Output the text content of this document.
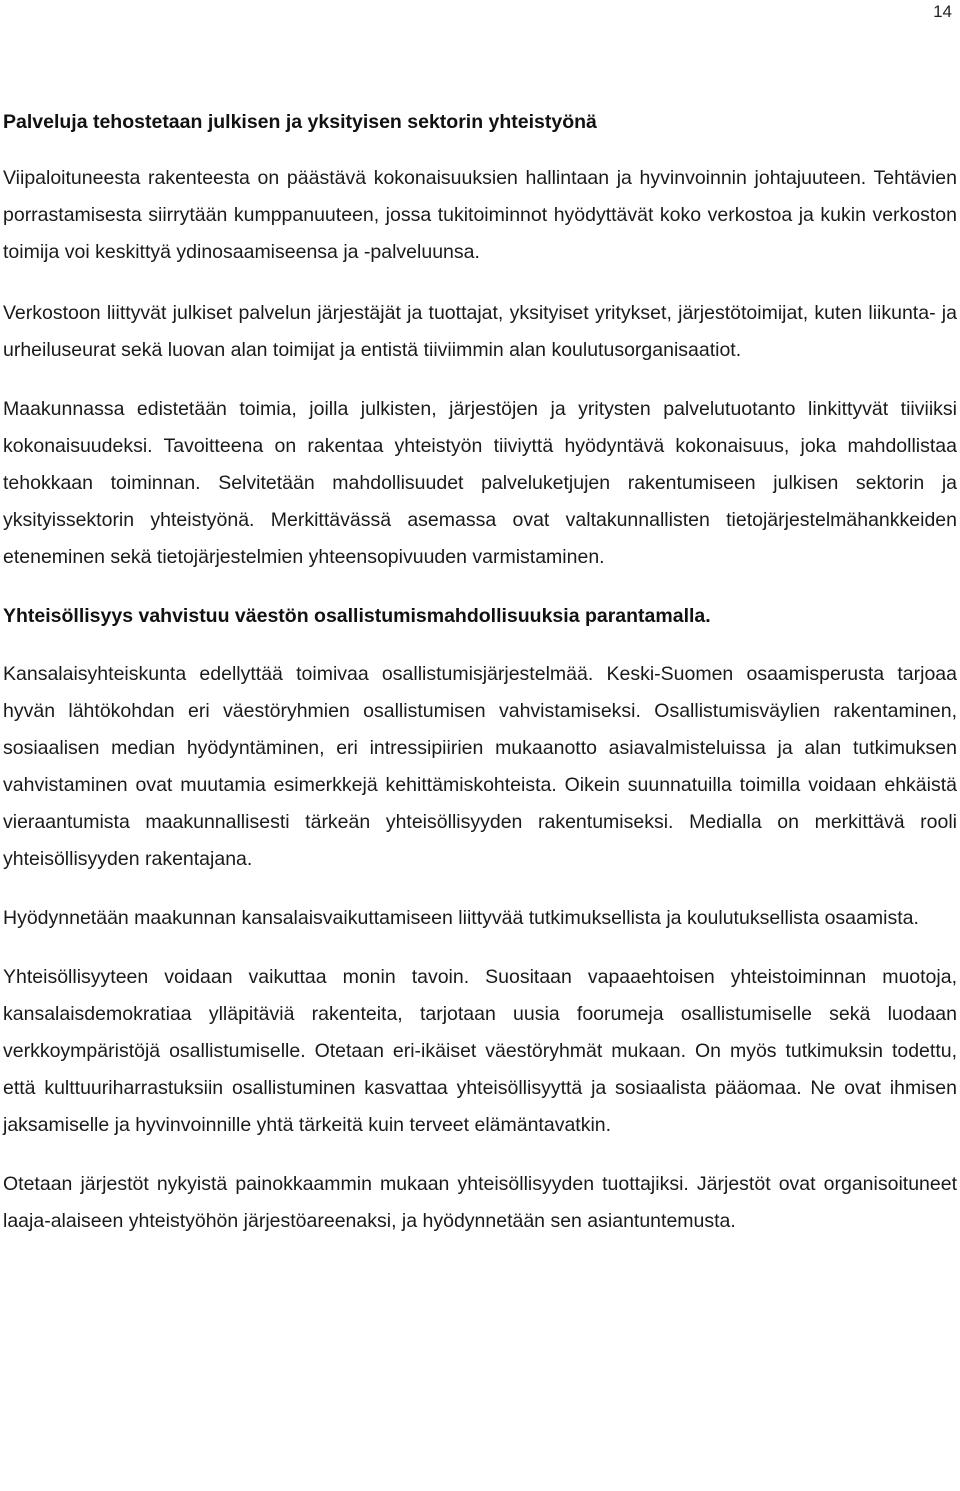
14
Palveluja tehostetaan julkisen ja yksityisen sektorin yhteistyönä

Viipaloituneesta rakenteesta on päästävä kokonaisuuksien hallintaan ja hyvinvoinnin johtajuuteen. Tehtävien porrastamisesta siirrytään kumppanuuteen, jossa tukitoiminnot hyödyttävät koko verkostoa ja kukin verkoston toimija voi keskittyä ydinosaamiseensa ja -palveluunsa.

Verkostoon liittyvät julkiset palvelun järjestäjät ja tuottajat, yksityiset yritykset, järjestötoimijat, kuten liikunta- ja urheiluseurat sekä luovan alan toimijat ja entistä tiiviimmin alan koulutusorganisaatiot.

Maakunnassa edistetään toimia, joilla julkisten, järjestöjen ja yritysten palvelutuotanto linkittyvät tiiviiksi kokonaisuudeksi. Tavoitteena on rakentaa yhteistyön tiiviyttä hyödyntävä kokonaisuus, joka mahdollistaa tehokkaan toiminnan. Selvitetään mahdollisuudet palveluketjujen rakentumiseen julkisen sektorin ja yksityissektorin yhteistyönä. Merkittävässä asemassa ovat valtakunnallisten tietojärjestelmähankkeiden eteneminen sekä tietojärjestelmien yhteensopivuuden varmistaminen.

Yhteisöllisyys vahvistuu väestön osallistumismahdollisuuksia parantamalla.

Kansalaisyhteiskunta edellyttää toimivaa osallistumisjärjestelmää. Keski-Suomen osaamisperusta tarjoaa hyvän lähtökohdan eri väestöryhmien osallistumisen vahvistamiseksi. Osallistumisväylien rakentaminen, sosiaalisen median hyödyntäminen, eri intressipiirien mukaanotto asiavalmisteluissa ja alan tutkimuksen vahvistaminen ovat muutamia esimerkkejä kehittämiskohteista. Oikein suunnatuilla toimilla voidaan ehkäistä vieraantumista maakunnallisesti tärkeän yhteisöllisyyden rakentumiseksi. Medialla on merkittävä rooli yhteisöllisyyden rakentajana.

Hyödynnetään maakunnan kansalaisvaikuttamiseen liittyvää tutkimuksellista ja koulutuksellista osaamista.

Yhteisöllisyyteen voidaan vaikuttaa monin tavoin. Suositaan vapaaehtoisen yhteistoiminnan muotoja, kansalaisdemokratiaa ylläpitäviä rakenteita, tarjotaan uusia foorumeja osallistumiselle sekä luodaan verkkoympäristöjä osallistumiselle. Otetaan eri-ikäiset väestöryhmät mukaan. On myös tutkimuksin todettu, että kulttuuriharrastuksiin osallistuminen kasvattaa yhteisöllisyyttä ja sosiaalista pääomaa. Ne ovat ihmisen jaksamiselle ja hyvinvoinnille yhtä tärkeitä kuin terveet elämäntavatkin.

Otetaan järjestöt nykyistä painokkaammin mukaan yhteisöllisyyden tuottajiksi. Järjestöt ovat organisoituneet laaja-alaiseen yhteistyöhön järjestöareenaksi, ja hyödynnetään sen asiantuntemusta.
